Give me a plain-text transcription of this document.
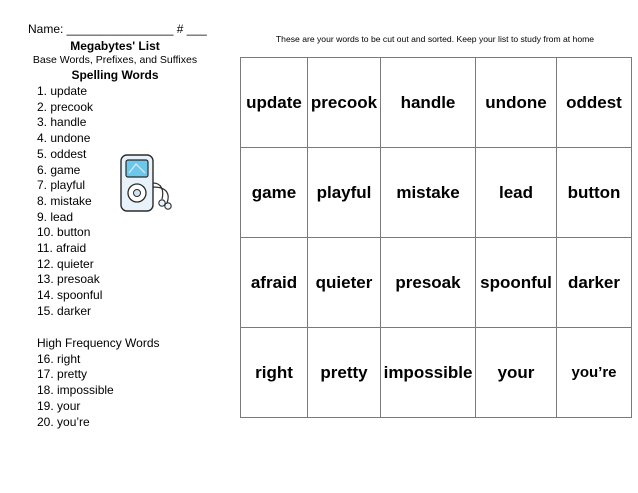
Name: ________________ # ___
Megabytes' List
Base Words, Prefixes, and Suffixes
Spelling Words
1. update
2. precook
3. handle
4. undone
5. oddest
6. game
7. playful
8. mistake
9. lead
10. button
11. afraid
12. quieter
13. presoak
14. spoonful
15. darker
High Frequency Words
16. right
17. pretty
18. impossible
19. your
20. you’re
These are your words to be cut out and sorted. Keep your list to study from at home
update	precook	handle	undone	oddest
game	playful	mistake	lead	button
afraid	quieter	presoak	spoonful	darker
right	pretty	impossible	your	you’re
